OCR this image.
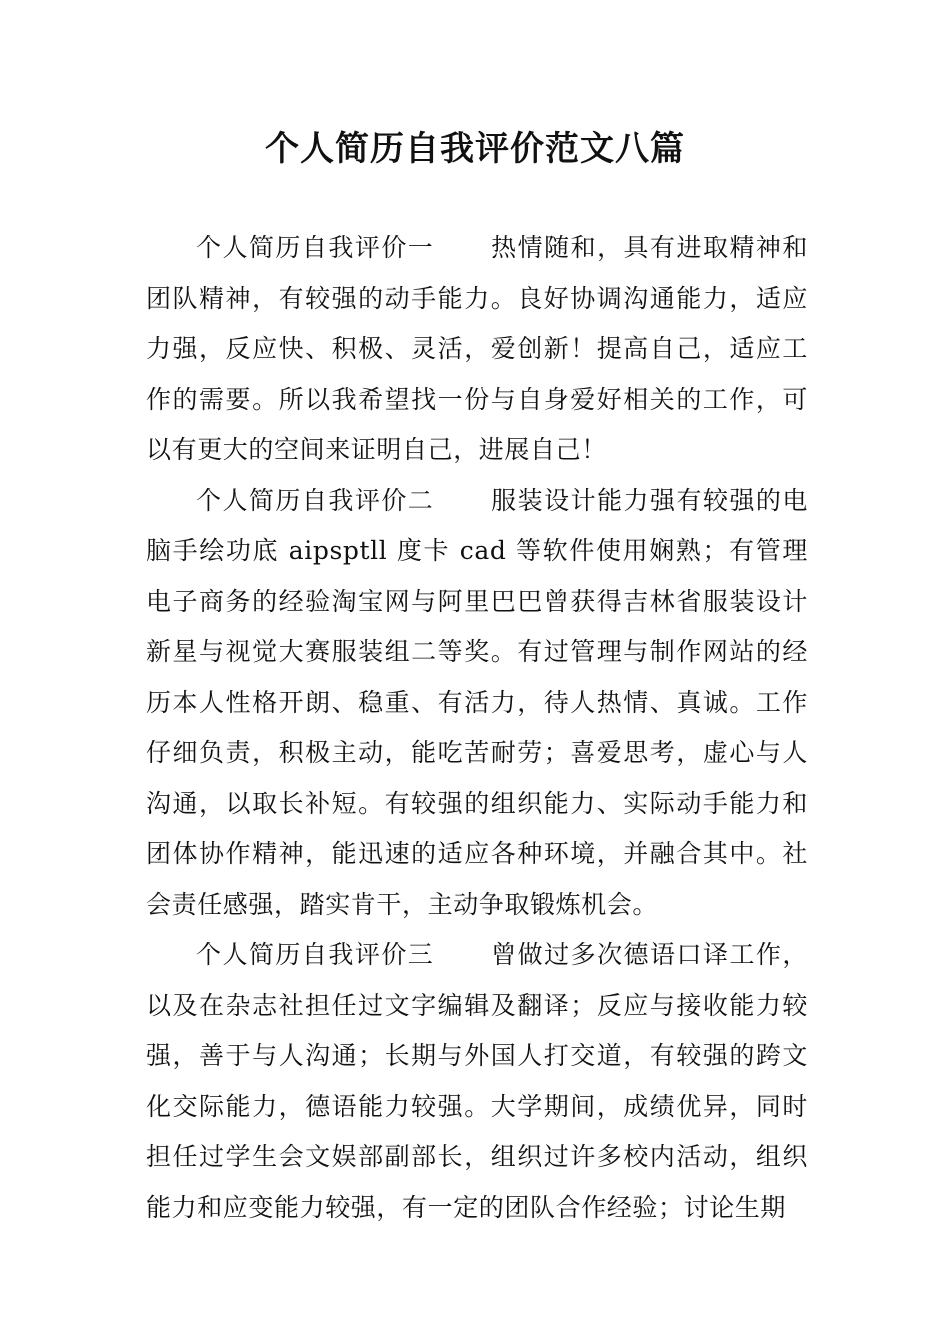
个人简历自我评价范文八篇

个人简历自我评价一 热情随和，具有进取精神和团队精神，有较强的动手能力。良好协调沟通能力，适应力强，反应快、积极、灵活，爱创新！提高自己，适应工作的需要。所以我希望找一份与自身爱好相关的工作，可以有更大的空间来证明自己，进展自己！

个人简历自我评价二 服装设计能力强有较强的电脑手绘功底 aipsptll 度卡 cad 等软件使用娴熟；有管理电子商务的经验淘宝网与阿里巴巴曾获得吉林省服装设计新星与视觉大赛服装组二等奖。有过管理与制作网站的经历本人性格开朗、稳重、有活力，待人热情、真诚。工作仔细负责，积极主动，能吃苦耐劳；喜爱思考，虚心与人沟通，以取长补短。有较强的组织能力、实际动手能力和团体协作精神，能迅速的适应各种环境，并融合其中。社会责任感强，踏实肯干，主动争取锻炼机会。

个人简历自我评价三 曾做过多次德语口译工作，以及在杂志社担任过文字编辑及翻译；反应与接收能力较强，善于与人沟通；长期与外国人打交道，有较强的跨文化交际能力，德语能力较强。大学期间，成绩优异，同时担任过学生会文娱部副部长，组织过许多校内活动，组织能力和应变能力较强，有一定的团队合作经验；讨论生期
